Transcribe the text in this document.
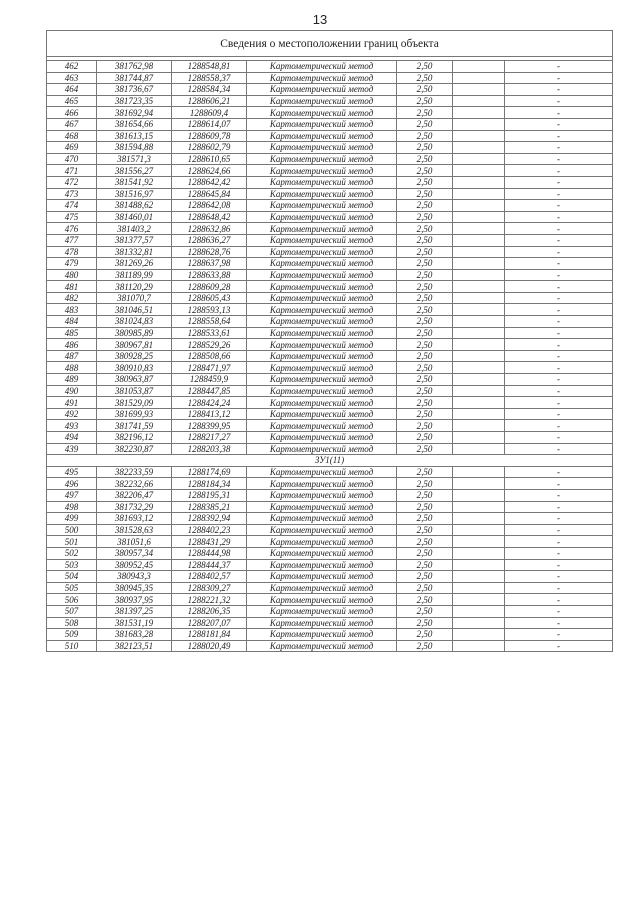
13
Сведения о местоположении границ объекта						

462	381762,98	1288548,81	Картометрический метод	2,50		-
463	381744,87	1288558,37	Картометрический метод	2,50		-
464	381736,67	1288584,34	Картометрический метод	2,50		-
465	381723,35	1288606,21	Картометрический метод	2,50		-
466	381692,94	1288609,4	Картометрический метод	2,50		-
467	381654,66	1288614,07	Картометрический метод	2,50		-
468	381613,15	1288609,78	Картометрический метод	2,50		-
469	381594,88	1288602,79	Картометрический метод	2,50		-
470	381571,3	1288610,65	Картометрический метод	2,50		-
471	381556,27	1288624,66	Картометрический метод	2,50		-
472	381541,92	1288642,42	Картометрический метод	2,50		-
473	381516,97	1288645,84	Картометрический метод	2,50		-
474	381488,62	1288642,08	Картометрический метод	2,50		-
475	381460,01	1288648,42	Картометрический метод	2,50		-
476	381403,2	1288632,86	Картометрический метод	2,50		-
477	381377,57	1288636,27	Картометрический метод	2,50		-
478	381332,81	1288628,76	Картометрический метод	2,50		-
479	381269,26	1288637,98	Картометрический метод	2,50		-
480	381189,99	1288633,88	Картометрический метод	2,50		-
481	381120,29	1288609,28	Картометрический метод	2,50		-
482	381070,7	1288605,43	Картометрический метод	2,50		-
483	381046,51	1288593,13	Картометрический метод	2,50		-
484	381024,83	1288558,64	Картометрический метод	2,50		-
485	380985,89	1288533,61	Картометрический метод	2,50		-
486	380967,81	1288529,26	Картометрический метод	2,50		-
487	380928,25	1288508,66	Картометрический метод	2,50		-
488	380910,83	1288471,97	Картометрический метод	2,50		-
489	380963,87	1288459,9	Картометрический метод	2,50		-
490	381053,87	1288447,85	Картометрический метод	2,50		-
491	381529,09	1288424,24	Картометрический метод	2,50		-
492	381699,93	1288413,12	Картометрический метод	2,50		-
493	381741,59	1288399,95	Картометрический метод	2,50		-
494	382196,12	1288217,27	Картометрический метод	2,50		-
439	382230,87	1288203,38	Картометрический метод	2,50		-
ЗУ1(11)						
495	382233,59	1288174,69	Картометрический метод	2,50		-
496	382232,66	1288184,34	Картометрический метод	2,50		-
497	382206,47	1288195,31	Картометрический метод	2,50		-
498	381732,29	1288385,21	Картометрический метод	2,50		-
499	381693,12	1288392,94	Картометрический метод	2,50		-
500	381528,63	1288402,23	Картометрический метод	2,50		-
501	381051,6	1288431,29	Картометрический метод	2,50		-
502	380957,34	1288444,98	Картометрический метод	2,50		-
503	380952,45	1288444,37	Картометрический метод	2,50		-
504	380943,3	1288402,57	Картометрический метод	2,50		-
505	380945,35	1288309,27	Картометрический метод	2,50		-
506	380937,95	1288221,32	Картометрический метод	2,50		-
507	381397,25	1288206,35	Картометрический метод	2,50		-
508	381531,19	1288207,07	Картометрический метод	2,50		-
509	381683,28	1288181,84	Картометрический метод	2,50		-
510	382123,51	1288020,49	Картометрический метод	2,50		-
